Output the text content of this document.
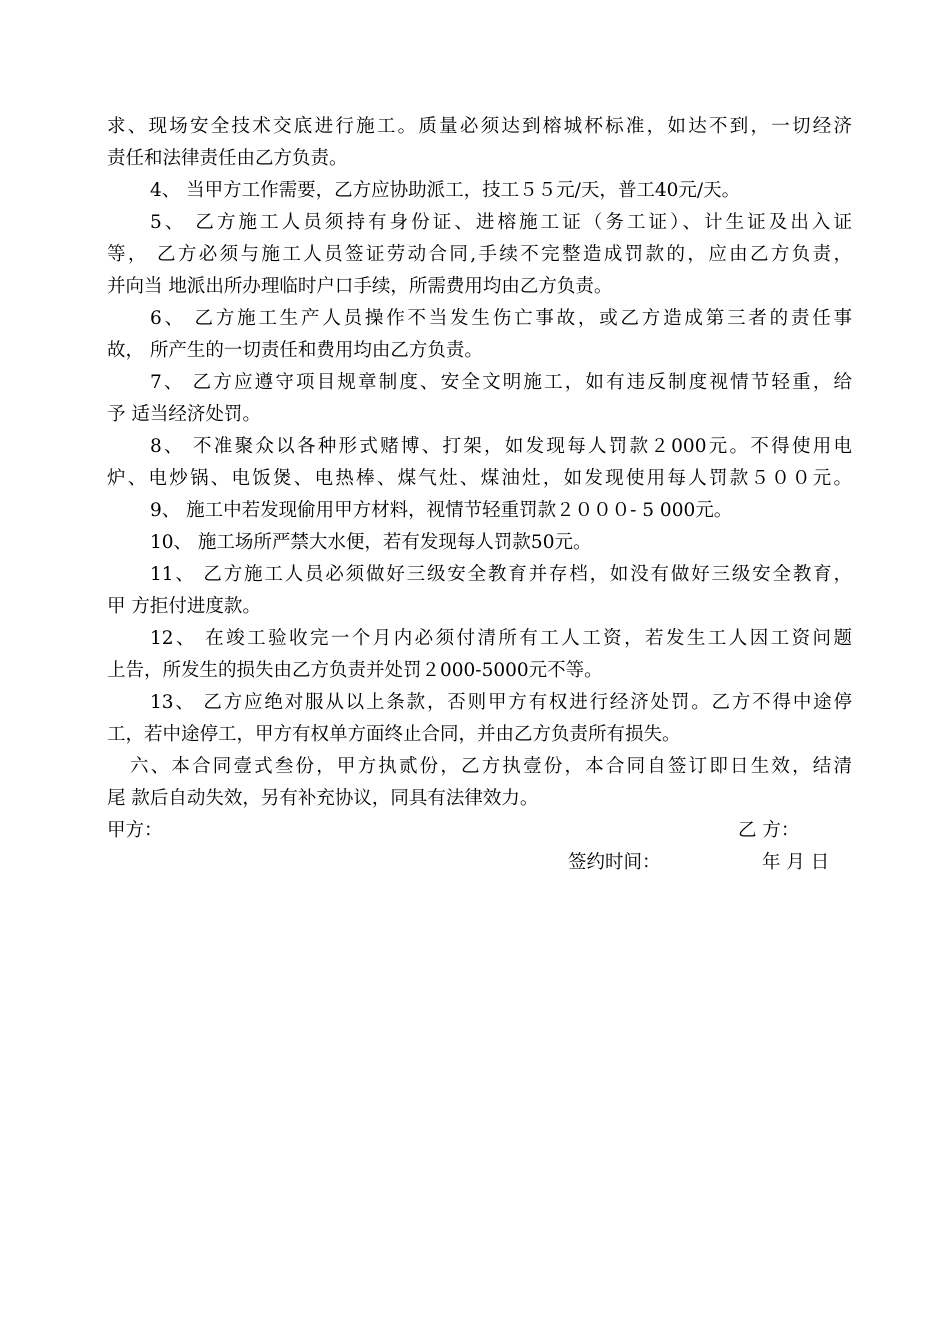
求、现场安全技术交底进行施工。质量必须达到榕城杯标准，如达不到，一切经济
责任和法律责任由乙方负责。
4、 当甲方工作需要，乙方应协助派工，技工５５元/天，普工40元/天。
5、 乙方施工人员须持有身份证、进榕施工证（务工证）、计生证及出入证
等， 乙方必须与施工人员签证劳动合同,手续不完整造成罚款的，应由乙方负责，
并向当 地派出所办理临时户口手续，所需费用均由乙方负责。
6、 乙方施工生产人员操作不当发生伤亡事故，或乙方造成第三者的责任事
故， 所产生的一切责任和费用均由乙方负责。
7、 乙方应遵守项目规章制度、安全文明施工，如有违反制度视情节轻重，给
予 适当经济处罚。
8、 不准聚众以各种形式赌博、打架，如发现每人罚款２000元。不得使用电
炉、电炒锅、电饭煲、电热棒、煤气灶、煤油灶，如发现使用每人罚款５００元。
9、 施工中若发现偷用甲方材料，视情节轻重罚款２０００- 5 000元。
10、 施工场所严禁大水便，若有发现每人罚款50元。
11、 乙方施工人员必须做好三级安全教育并存档，如没有做好三级安全教育，
甲 方拒付进度款。
12、 在竣工验收完一个月内必须付清所有工人工资，若发生工人因工资问题
上告，所发生的损失由乙方负责并处罚２000-5000元不等。
13、 乙方应绝对服从以上条款，否则甲方有权进行经济处罚。乙方不得中途停
工，若中途停工，甲方有权单方面终止合同，并由乙方负责所有损失。
六、本合同壹式叁份，甲方执贰份，乙方执壹份，本合同自签订即日生效，结清
尾 款后自动失效，另有补充协议，同具有法律效力。
甲方：	乙 方：
签约时间：	年 月 日
